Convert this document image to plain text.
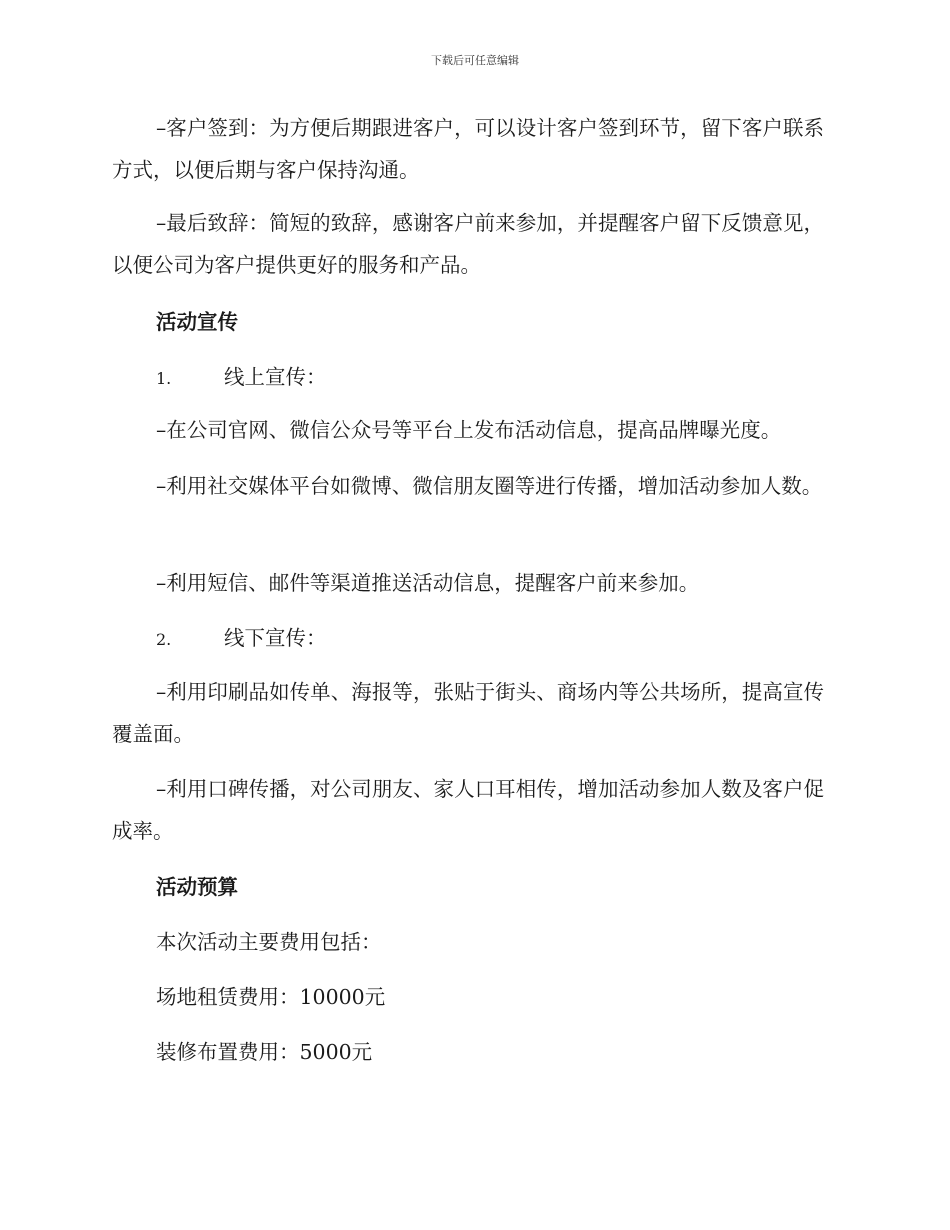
下载后可任意编辑

–客户签到：为方便后期跟进客户，可以设计客户签到环节，留下客户联系方式，以便后期与客户保持沟通。

–最后致辞：简短的致辞，感谢客户前来参加，并提醒客户留下反馈意见，以便公司为客户提供更好的服务和产品。

活动宣传

1.	线上宣传：

–在公司官网、微信公众号等平台上发布活动信息，提高品牌曝光度。

–利用社交媒体平台如微博、微信朋友圈等进行传播，增加活动参加人数。

–利用短信、邮件等渠道推送活动信息，提醒客户前来参加。

2.	线下宣传：

–利用印刷品如传单、海报等，张贴于街头、商场内等公共场所，提高宣传覆盖面。

–利用口碑传播，对公司朋友、家人口耳相传，增加活动参加人数及客户促成率。

活动预算

本次活动主要费用包括：

场地租赁费用：10000元

装修布置费用：5000元
